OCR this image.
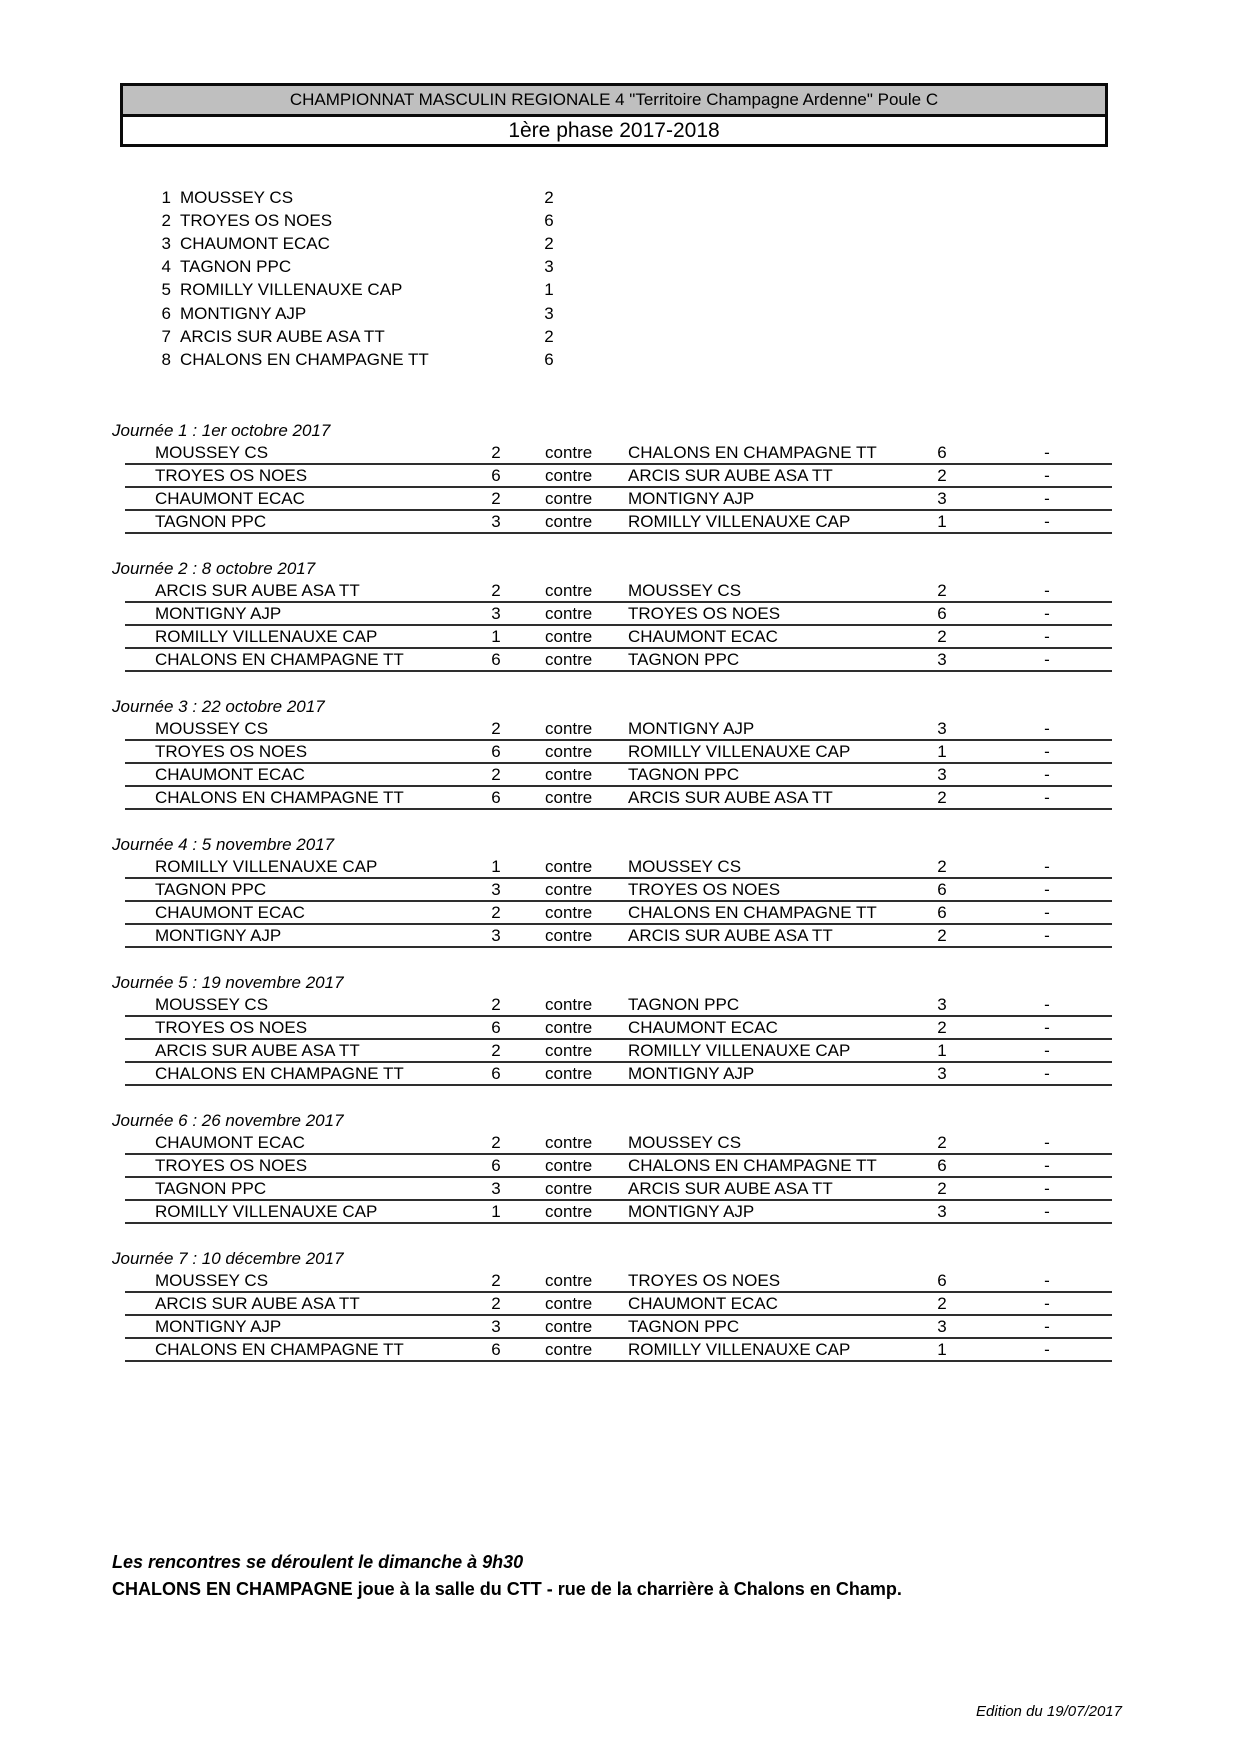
CHAMPIONNAT MASCULIN REGIONALE 4 "Territoire Champagne Ardenne" Poule C
1ère phase 2017-2018
1 MOUSSEY CS	2
2 TROYES OS NOES	6
3 CHAUMONT ECAC	2
4 TAGNON PPC	3
5 ROMILLY VILLENAUXE CAP	1
6 MONTIGNY AJP	3
7 ARCIS SUR AUBE ASA TT	2
8 CHALONS EN CHAMPAGNE TT	6
Journée 1 : 1er octobre 2017
MOUSSEY CS	2	contre	CHALONS EN CHAMPAGNE TT	6	-
TROYES OS NOES	6	contre	ARCIS SUR AUBE ASA TT	2	-
CHAUMONT ECAC	2	contre	MONTIGNY AJP	3	-
TAGNON PPC	3	contre	ROMILLY VILLENAUXE CAP	1	-
Journée 2 : 8 octobre 2017
ARCIS SUR AUBE ASA TT	2	contre	MOUSSEY CS	2	-
MONTIGNY AJP	3	contre	TROYES OS NOES	6	-
ROMILLY VILLENAUXE CAP	1	contre	CHAUMONT ECAC	2	-
CHALONS EN CHAMPAGNE TT	6	contre	TAGNON PPC	3	-
Journée 3 : 22 octobre 2017
MOUSSEY CS	2	contre	MONTIGNY AJP	3	-
TROYES OS NOES	6	contre	ROMILLY VILLENAUXE CAP	1	-
CHAUMONT ECAC	2	contre	TAGNON PPC	3	-
CHALONS EN CHAMPAGNE TT	6	contre	ARCIS SUR AUBE ASA TT	2	-
Journée 4 : 5 novembre 2017
ROMILLY VILLENAUXE CAP	1	contre	MOUSSEY CS	2	-
TAGNON PPC	3	contre	TROYES OS NOES	6	-
CHAUMONT ECAC	2	contre	CHALONS EN CHAMPAGNE TT	6	-
MONTIGNY AJP	3	contre	ARCIS SUR AUBE ASA TT	2	-
Journée 5 : 19 novembre 2017
MOUSSEY CS	2	contre	TAGNON PPC	3	-
TROYES OS NOES	6	contre	CHAUMONT ECAC	2	-
ARCIS SUR AUBE ASA TT	2	contre	ROMILLY VILLENAUXE CAP	1	-
CHALONS EN CHAMPAGNE TT	6	contre	MONTIGNY AJP	3	-
Journée 6 : 26 novembre 2017
CHAUMONT ECAC	2	contre	MOUSSEY CS	2	-
TROYES OS NOES	6	contre	CHALONS EN CHAMPAGNE TT	6	-
TAGNON PPC	3	contre	ARCIS SUR AUBE ASA TT	2	-
ROMILLY VILLENAUXE CAP	1	contre	MONTIGNY AJP	3	-
Journée 7 : 10 décembre 2017
MOUSSEY CS	2	contre	TROYES OS NOES	6	-
ARCIS SUR AUBE ASA TT	2	contre	CHAUMONT ECAC	2	-
MONTIGNY AJP	3	contre	TAGNON PPC	3	-
CHALONS EN CHAMPAGNE TT	6	contre	ROMILLY VILLENAUXE CAP	1	-
Les rencontres se déroulent le dimanche à 9h30
CHALONS EN CHAMPAGNE joue à la salle du CTT - rue de la charrière à Chalons en Champ.
Edition du 19/07/2017
